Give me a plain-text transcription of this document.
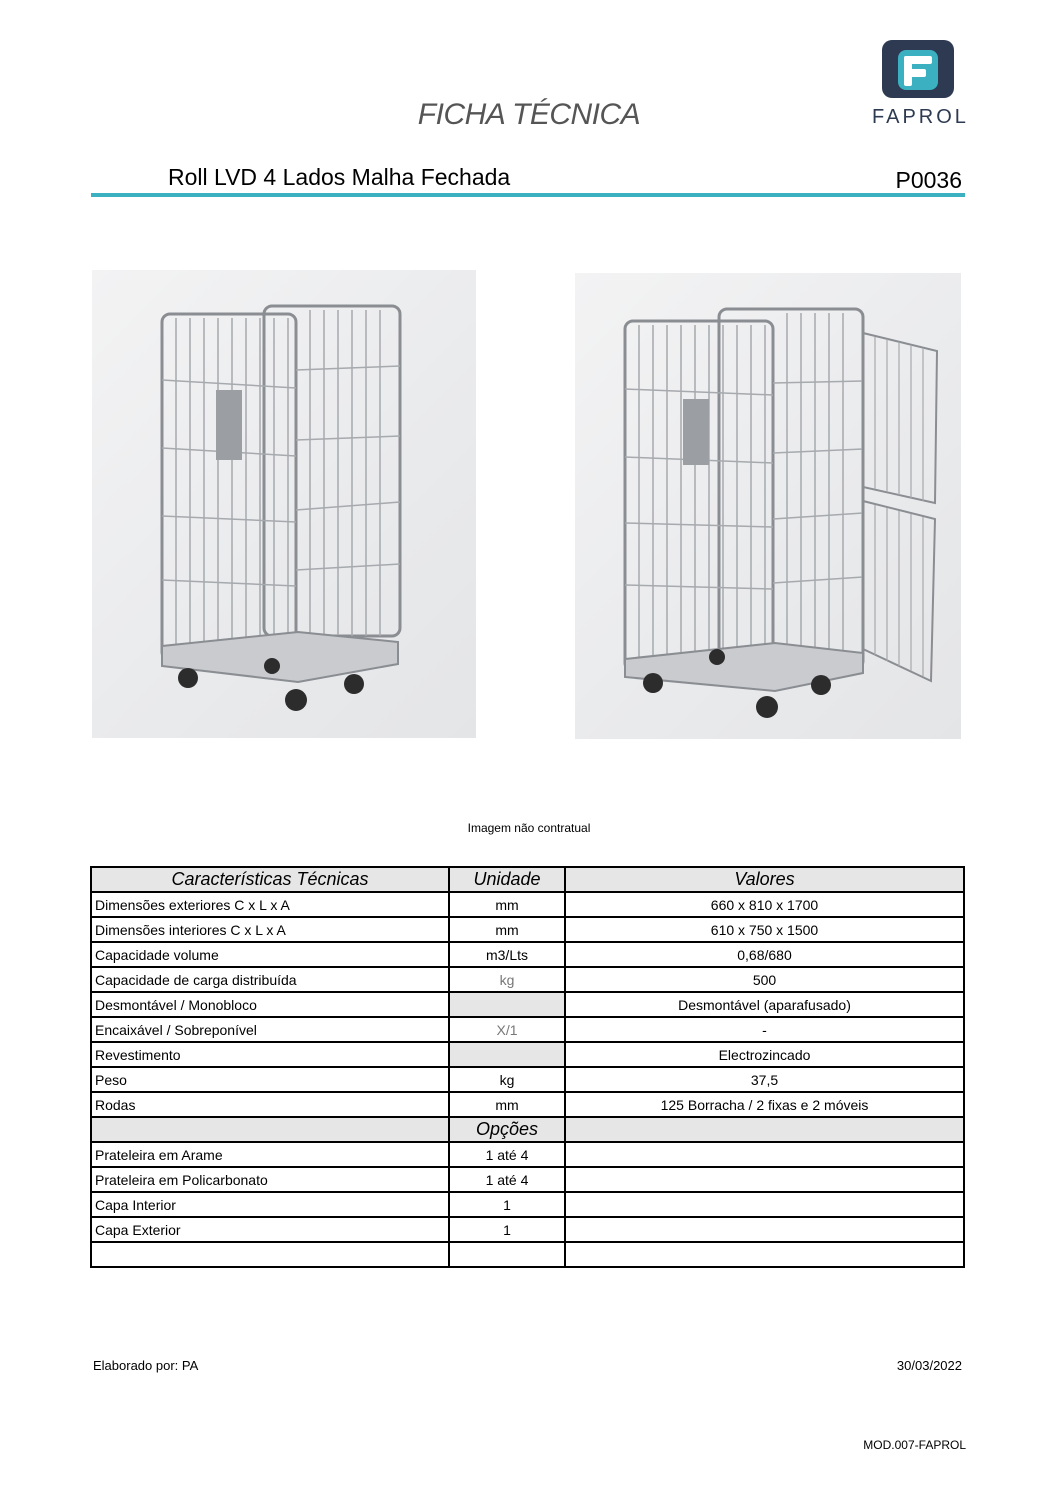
FICHA TÉCNICA	FAPROL
Roll LVD 4 Lados Malha Fechada	P0036
Imagem não contratual
Características Técnicas	Unidade	Valores
Dimensões exteriores C x L x A	mm	660 x 810 x 1700
Dimensões interiores C x L x A	mm	610 x 750 x 1500
Capacidade volume	m3/Lts	0,68/680
Capacidade de carga distribuída	kg	500
Desmontável / Monobloco		Desmontável (aparafusado)
Encaixável / Sobreponível	X/1	-
Revestimento		Electrozincado
Peso	kg	37,5
Rodas	mm	125 Borracha / 2 fixas e 2 móveis
	Opções	
Prateleira em Arame	1 até 4	
Prateleira em Policarbonato	1 até 4	
Capa Interior	1	
Capa Exterior	1	

Elaborado por: PA	30/03/2022
MOD.007-FAPROL
